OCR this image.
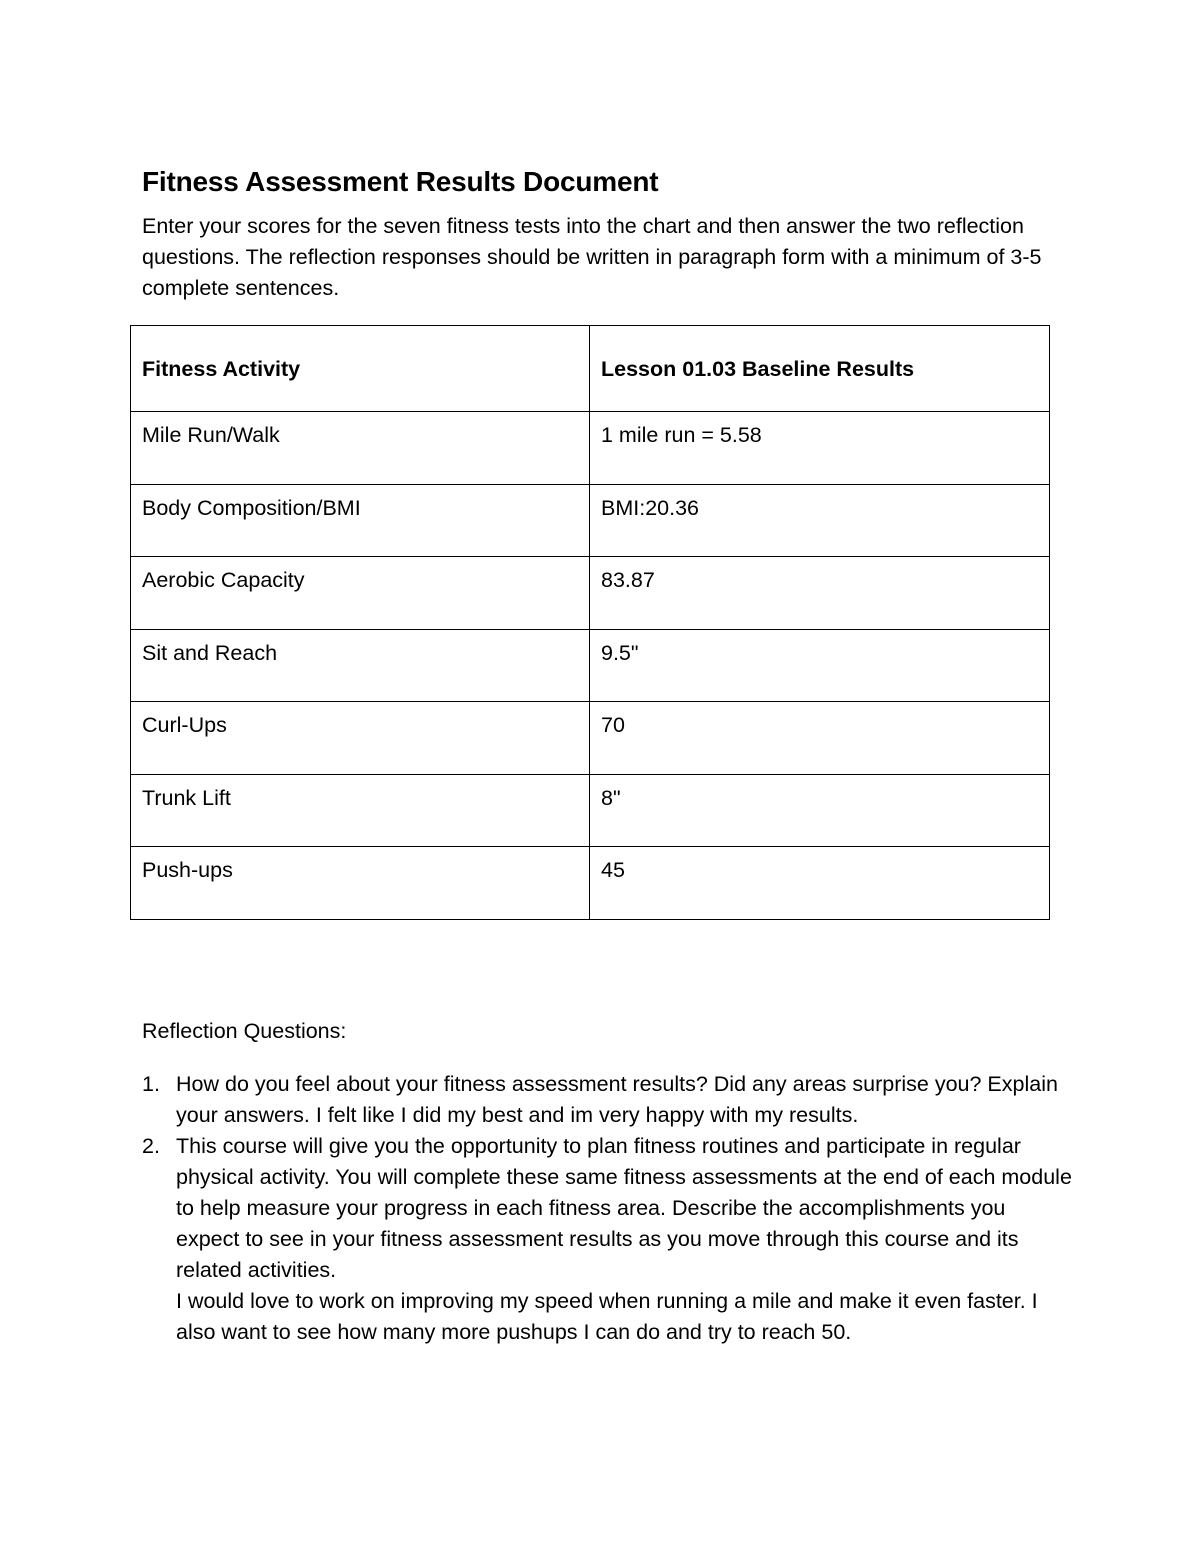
Fitness Assessment Results Document

Enter your scores for the seven fitness tests into the chart and then answer the two reflection questions. The reflection responses should be written in paragraph form with a minimum of 3-5 complete sentences.

Fitness Activity	Lesson 01.03 Baseline Results
Mile Run/Walk	1 mile run = 5.58
Body Composition/BMI	BMI:20.36
Aerobic Capacity	83.87
Sit and Reach	9.5"
Curl-Ups	70
Trunk Lift	8"
Push-ups	45

Reflection Questions:

1. How do you feel about your fitness assessment results? Did any areas surprise you? Explain your answers. I felt like I did my best and im very happy with my results.
2. This course will give you the opportunity to plan fitness routines and participate in regular physical activity. You will complete these same fitness assessments at the end of each module to help measure your progress in each fitness area. Describe the accomplishments you expect to see in your fitness assessment results as you move through this course and its related activities.
I would love to work on improving my speed when running a mile and make it even faster. I also want to see how many more pushups I can do and try to reach 50.
